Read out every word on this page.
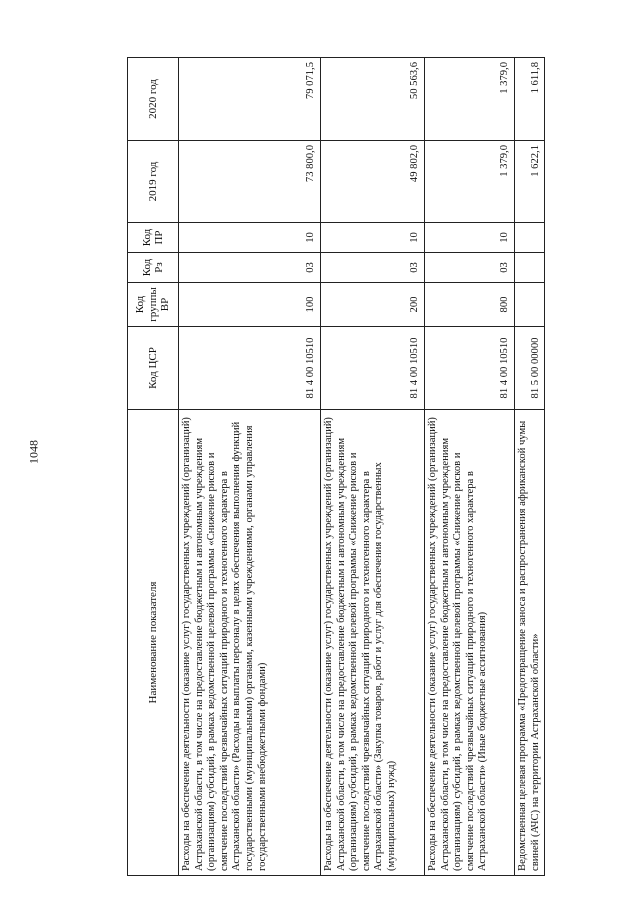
1048
Наименование показателя	Код ЦСР	Код группы ВР	Код Рз	Код ПР	2019 год	2020 год
Расходы на обеспечение деятельности (оказание услуг) государственных учреждений (организаций) Астраханской области, в том числе на предоставление бюджетным и автономным учреждениям (организациям) субсидий, в рамках ведомственной целевой программы «Снижение рисков и смягчение последствий чрезвычайных ситуаций природного и техногенного характера в Астраханской области» (Расходы на выплаты персоналу в целях обеспечения выполнения функций государственными (муниципальными) органами, казенными учреждениями, органами управления государственными внебюджетными фондами)	81 4 00 10510	100	03	10	73 800,0	79 071,5
Расходы на обеспечение деятельности (оказание услуг) государственных учреждений (организаций) Астраханской области, в том числе на предоставление бюджетным и автономным учреждениям (организациям) субсидий, в рамках ведомственной целевой программы «Снижение рисков и смягчение последствий чрезвычайных ситуаций природного и техногенного характера в Астраханской области» (Закупка товаров, работ и услуг для обеспечения государственных (муниципальных) нужд)	81 4 00 10510	200	03	10	49 802,0	50 563,6
Расходы на обеспечение деятельности (оказание услуг) государственных учреждений (организаций) Астраханской области, в том числе на предоставление бюджетным и автономным учреждениям (организациям) субсидий, в рамках ведомственной целевой программы «Снижение рисков и смягчение последствий чрезвычайных ситуаций природного и техногенного характера в Астраханской области» (Иные бюджетные ассигнования)	81 4 00 10510	800	03	10	1 379,0	1 379,0
Ведомственная целевая программа «Предотвращение заноса и распространения африканской чумы свиней (АЧС) на территории Астраханской области»	81 5 00 00000				1 622,1	1 611,8
